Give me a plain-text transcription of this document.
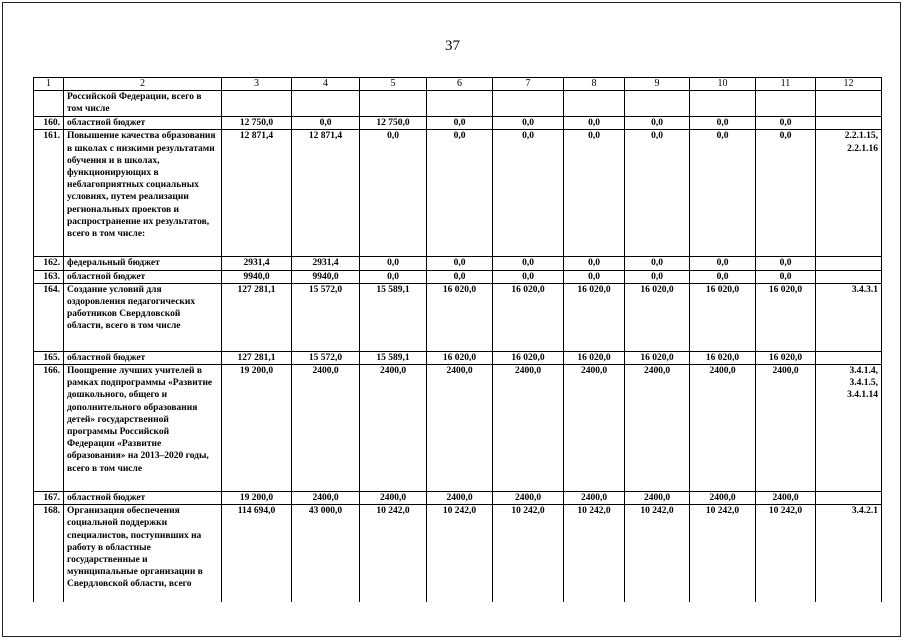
37
1	2	3	4	5	6	7	8	9	10	11	12
	Российской Федерации, всего в том числе										
160.	областной бюджет	12 750,0	0,0	12 750,0	0,0	0,0	0,0	0,0	0,0	0,0	
161.	Повышение качества образования в школах с низкими результатами обучения и в школах, функционирующих в неблагоприятных социальных условиях, путем реализации региональных проектов и распространение их результатов, всего в том числе:	12 871,4	12 871,4	0,0	0,0	0,0	0,0	0,0	0,0	0,0	2.2.1.15, 2.2.1.16
162.	федеральный бюджет	2931,4	2931,4	0,0	0,0	0,0	0,0	0,0	0,0	0,0	
163.	областной бюджет	9940,0	9940,0	0,0	0,0	0,0	0,0	0,0	0,0	0,0	
164.	Создание условий для оздоровления педагогических работников Свердловской области, всего в том числе	127 281,1	15 572,0	15 589,1	16 020,0	16 020,0	16 020,0	16 020,0	16 020,0	16 020,0	3.4.3.1
165.	областной бюджет	127 281,1	15 572,0	15 589,1	16 020,0	16 020,0	16 020,0	16 020,0	16 020,0	16 020,0	
166.	Поощрение лучших учителей в рамках подпрограммы «Развитие дошкольного, общего и дополнительного образования детей» государственной программы Российской Федерации «Развитие образования» на 2013–2020 годы, всего в том числе	19 200,0	2400,0	2400,0	2400,0	2400,0	2400,0	2400,0	2400,0	2400,0	3.4.1.4, 3.4.1.5, 3.4.1.14
167.	областной бюджет	19 200,0	2400,0	2400,0	2400,0	2400,0	2400,0	2400,0	2400,0	2400,0	
168.	Организация обеспечения социальной поддержки специалистов, поступивших на работу в областные государственные и муниципальные организации в Свердловской области, всего	114 694,0	43 000,0	10 242,0	10 242,0	10 242,0	10 242,0	10 242,0	10 242,0	10 242,0	3.4.2.1
